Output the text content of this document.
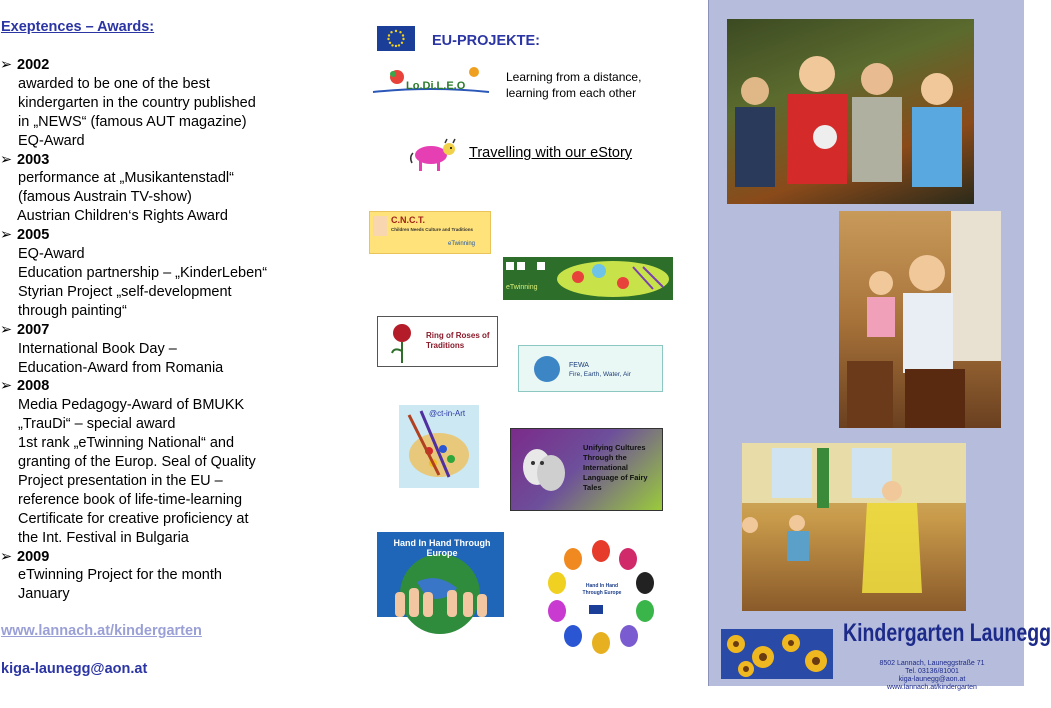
Exeptences – Awards:
➢ 2002
awarded to be one of the best
kindergarten in the country published
in „NEWS“ (famous AUT magazine)
EQ-Award
➢ 2003
performance at „Musikantenstadl“
(famous Austrain TV-show)
Austrian Children‘s Rights Award
➢ 2005
EQ-Award
Education partnership – „KinderLeben“
Styrian Project „self-development
through painting“
➢ 2007
International Book Day –
Education-Award from Romania
➢ 2008
Media Pedagogy-Award of BMUKK
„TrauDi“ – special award
1st rank „eTwinning National“ and
granting of the Europ. Seal of Quality
Project presentation in the EU –
reference book of life-time-learning
Certificate for creative proficiency at
the Int. Festival in Bulgaria
➢ 2009
eTwinning Project for the month
January
www.lannach.at/kindergarten
kiga-launegg@aon.at
EU-PROJEKTE:
Lo.Di.L.E.O
Learning from a distance,
learning from each other
Travelling with our eStory
C.N.C.T.
Children Needs Culture and Traditions
eTwinning
eTwinning
Ring of Roses of Traditions
FEWA
Fire, Earth, Water, Air
@ct-in-Art
Unifying Cultures Through the International Language of Fairy Tales
Hand In Hand Through Europe
Hand In Hand Through Europe
Kindergarten Launegg
8502 Lannach, Launeggstraße 71
Tel. 03136/81001
kiga-launegg@aon.at
www.lannach.at/kindergarten
